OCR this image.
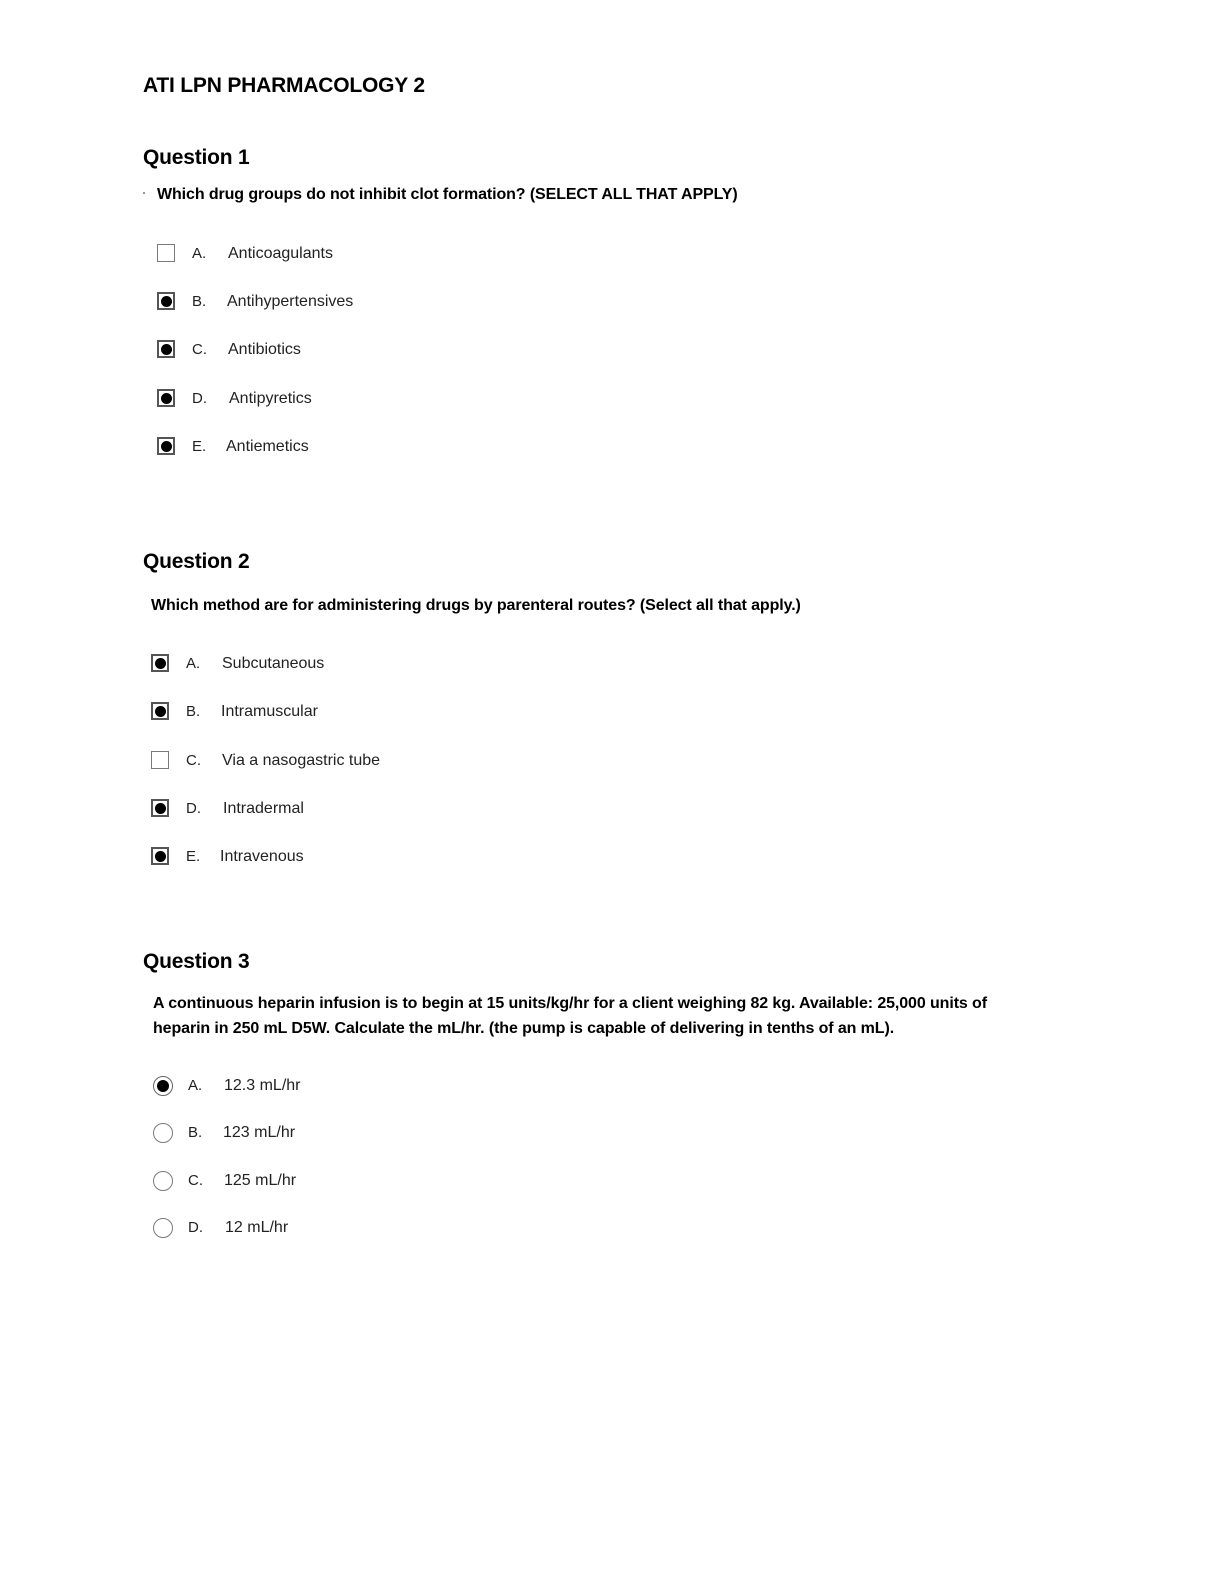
ATI LPN PHARMACOLOGY 2
Question 1

Which drug groups do not inhibit clot formation? (SELECT ALL THAT APPLY)

A. Anticoagulants
B. Antihypertensives
C. Antibiotics
D. Antipyretics
E. Antiemetics
Question 2

Which method are for administering drugs by parenteral routes? (Select all that apply.)

A. Subcutaneous
B. Intramuscular
C. Via a nasogastric tube
D. Intradermal
E. Intravenous
Question 3

A continuous heparin infusion is to begin at 15 units/kg/hr for a client weighing 82 kg. Available: 25,000 units of

heparin in 250 mL D5W. Calculate the mL/hr. (the pump is capable of delivering in tenths of an mL).

A. 12.3 mL/hr
B. 123 mL/hr
C. 125 mL/hr
D. 12 mL/hr
